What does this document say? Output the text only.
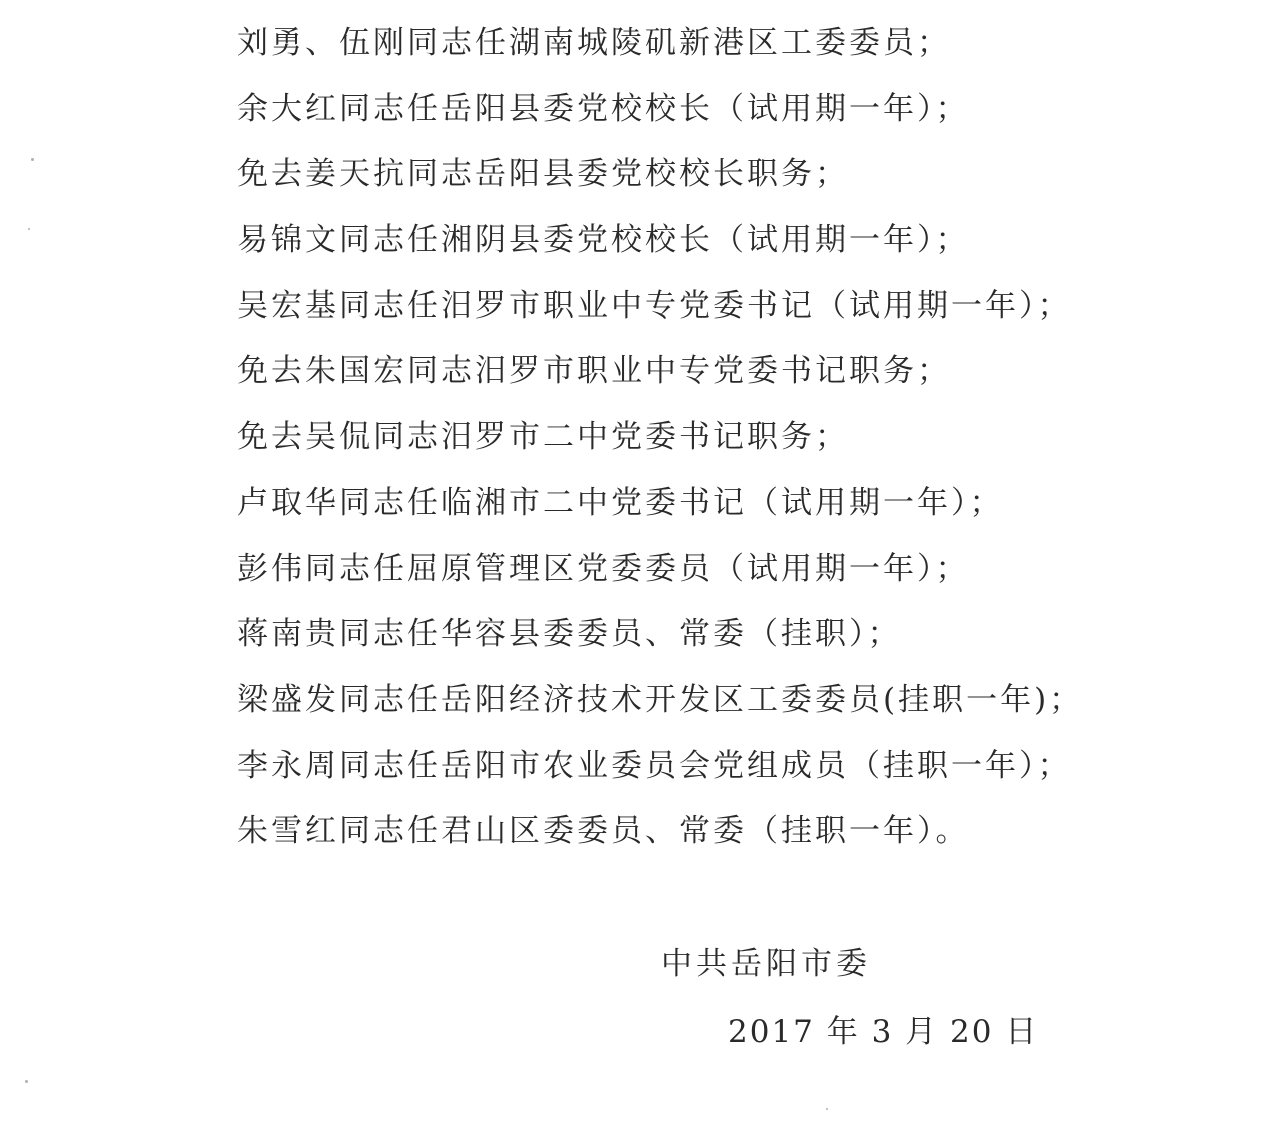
刘勇、伍刚同志任湖南城陵矶新港区工委委员；
余大红同志任岳阳县委党校校长（试用期一年）；
免去姜天抗同志岳阳县委党校校长职务；
易锦文同志任湘阴县委党校校长（试用期一年）；
吴宏基同志任汨罗市职业中专党委书记（试用期一年）；
免去朱国宏同志汨罗市职业中专党委书记职务；
免去吴侃同志汨罗市二中党委书记职务；
卢取华同志任临湘市二中党委书记（试用期一年）；
彭伟同志任屈原管理区党委委员（试用期一年）；
蒋南贵同志任华容县委委员、常委（挂职）；
梁盛发同志任岳阳经济技术开发区工委委员(挂职一年)；
李永周同志任岳阳市农业委员会党组成员（挂职一年）；
朱雪红同志任君山区委委员、常委（挂职一年）。
中共岳阳市委
2017 年 3 月 20 日
